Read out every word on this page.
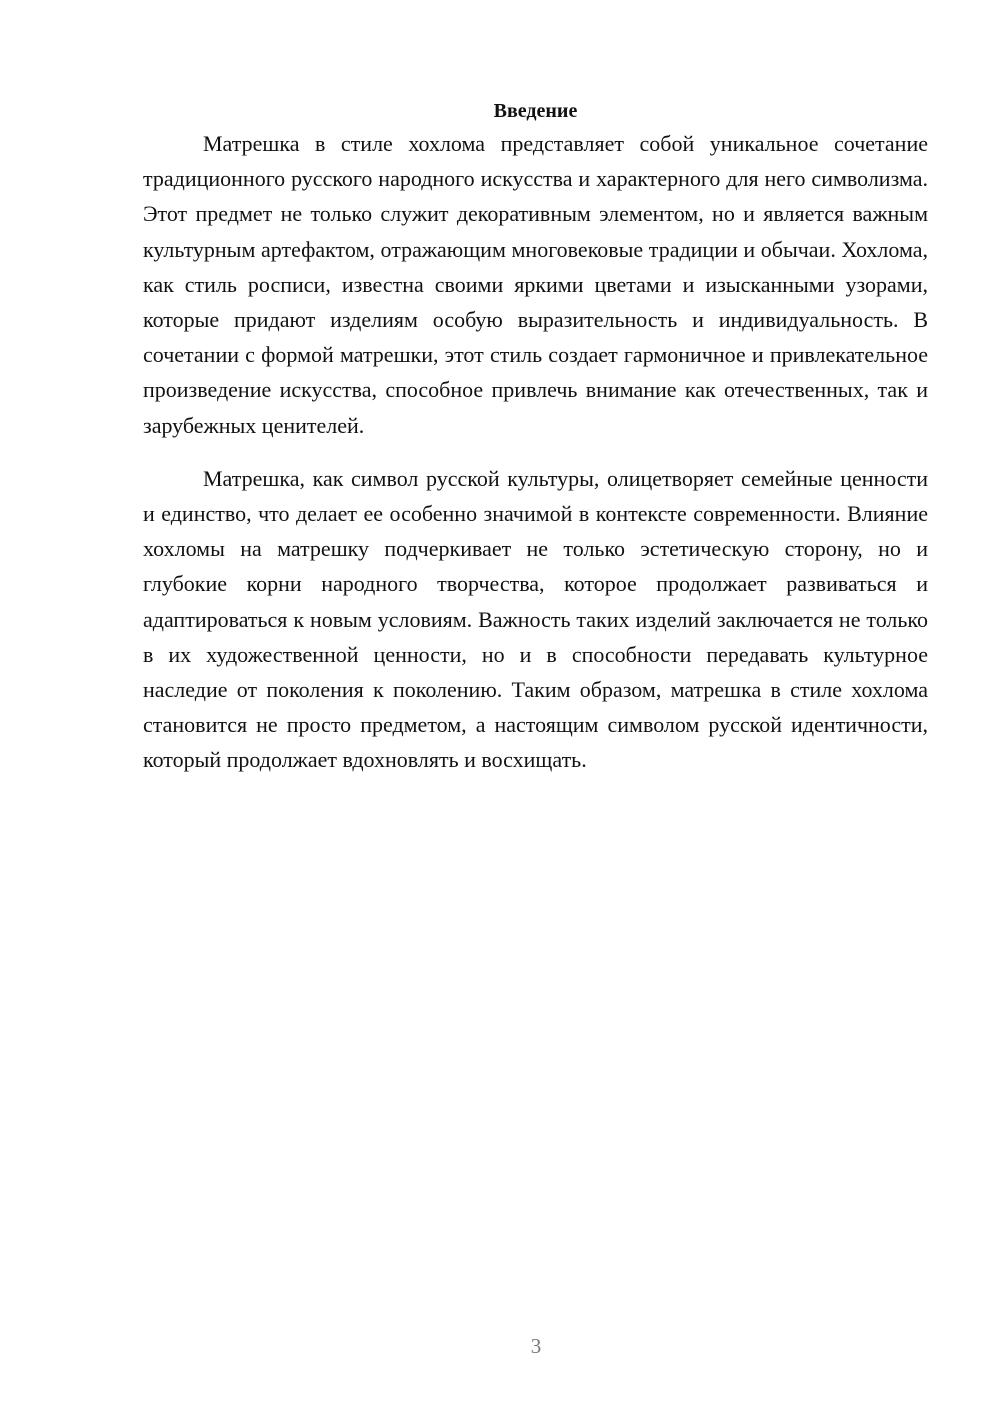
Введение

Матрешка в стиле хохлома представляет собой уникальное сочетание традиционного русского народного искусства и характерного для него символизма. Этот предмет не только служит декоративным элементом, но и является важным культурным артефактом, отражающим многовековые традиции и обычаи. Хохлома, как стиль росписи, известна своими яркими цветами и изысканными узорами, которые придают изделиям особую выразительность и индивидуальность. В сочетании с формой матрешки, этот стиль создает гармоничное и привлекательное произведение искусства, способное привлечь внимание как отечественных, так и зарубежных ценителей.

Матрешка, как символ русской культуры, олицетворяет семейные ценности и единство, что делает ее особенно значимой в контексте современности. Влияние хохломы на матрешку подчеркивает не только эстетическую сторону, но и глубокие корни народного творчества, которое продолжает развиваться и адаптироваться к новым условиям. Важность таких изделий заключается не только в их художественной ценности, но и в способности передавать культурное наследие от поколения к поколению. Таким образом, матрешка в стиле хохлома становится не просто предметом, а настоящим символом русской идентичности, который продолжает вдохновлять и восхищать.

3
